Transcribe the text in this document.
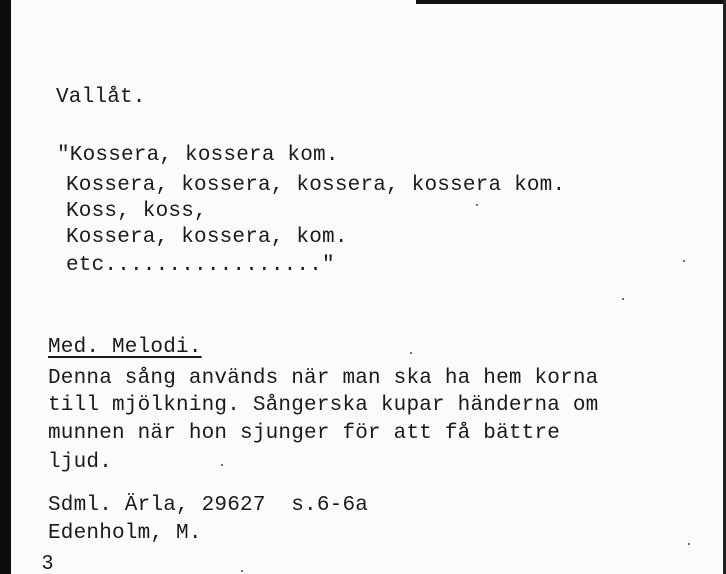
Vallåt.
"Kossera, kossera kom.
Kossera, kossera, kossera, kossera kom.
Koss, koss,
Kossera, kossera, kom.
etc................."
Med. Melodi.
Denna sång används när man ska ha hem korna
till mjölkning. Sångerska kupar händerna om
munnen när hon sjunger för att få bättre
ljud.
Sdml. Ärla, 29627  s.6-6a
Edenholm, M.
3
